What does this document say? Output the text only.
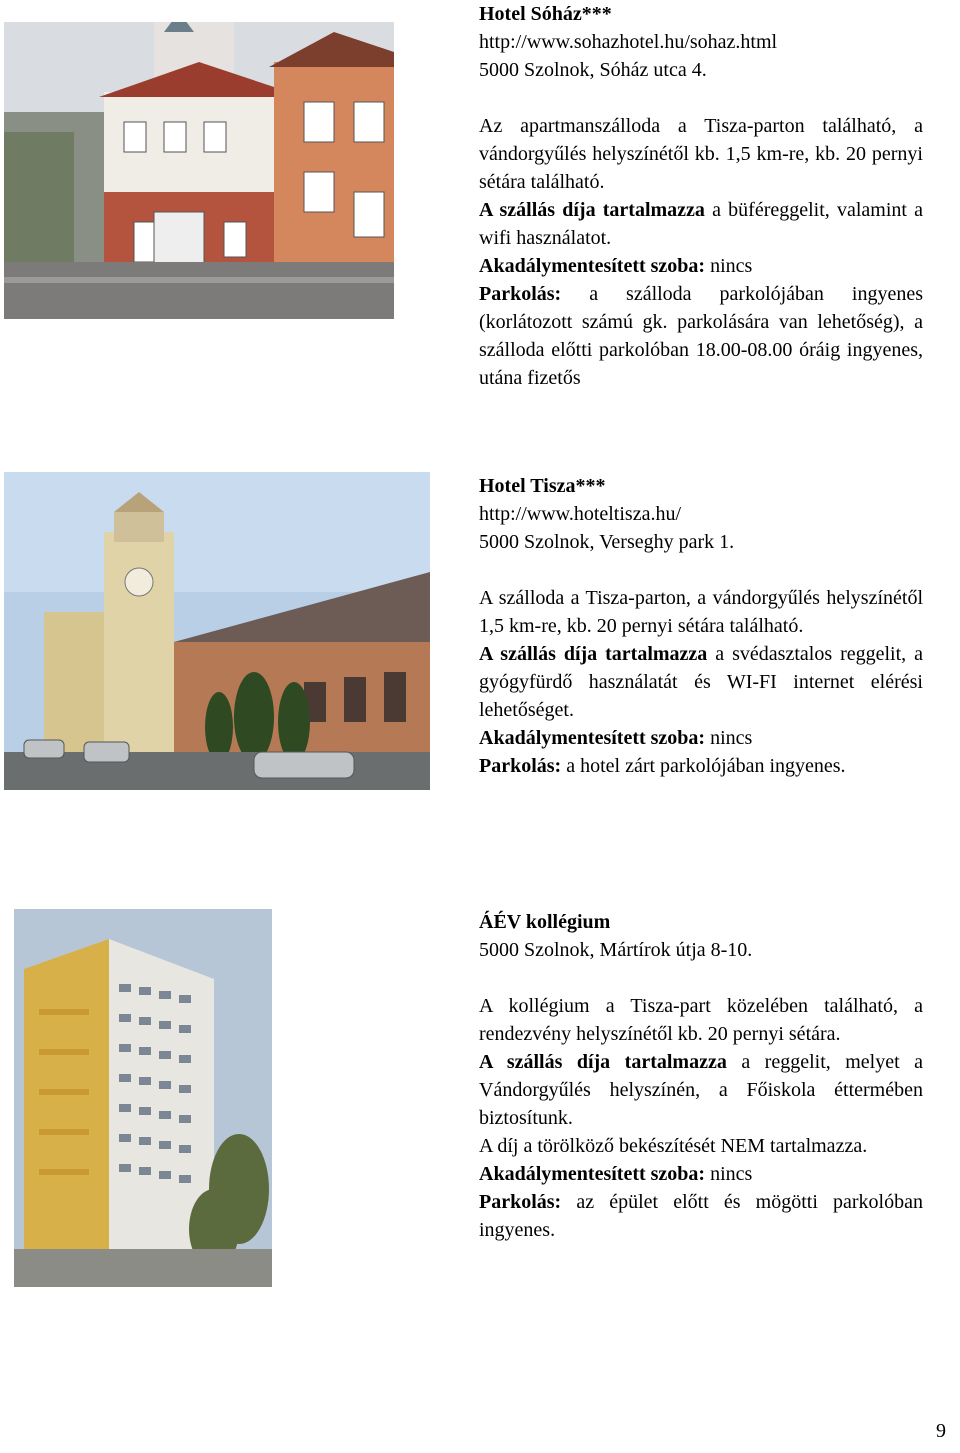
Hotel Sóház***

http://www.sohazhotel.hu/sohaz.html

5000 Szolnok, Sóház utca 4.

Az apartmanszálloda a Tisza-parton található, a vándorgyűlés helyszínétől kb. 1,5 km-re, kb. 20 pernyi sétára található.

A szállás díja tartalmazza a büféreggelit, valamint a wifi használatot.

Akadálymentesített szoba: nincs

Parkolás: a szálloda parkolójában ingyenes (korlátozott számú gk. parkolására van lehetőség), a szálloda előtti parkolóban 18.00-08.00 óráig ingyenes, utána fizetős

Hotel Tisza***

http://www.hoteltisza.hu/

5000 Szolnok, Verseghy park 1.

A szálloda a Tisza-parton, a vándorgyűlés helyszínétől 1,5 km-re, kb. 20 pernyi sétára található.

A szállás díja tartalmazza a svédasztalos reggelit, a gyógyfürdő használatát és WI-FI internet elérési lehetőséget.

Akadálymentesített szoba: nincs

Parkolás: a hotel zárt parkolójában ingyenes.

ÁÉV kollégium

5000 Szolnok, Mártírok útja 8-10.

A kollégium a Tisza-part közelében található, a rendezvény helyszínétől kb. 20 pernyi sétára.

A szállás díja tartalmazza a reggelit, melyet a Vándorgyűlés helyszínén, a Főiskola éttermében biztosítunk.

A díj a törölköző bekészítését NEM tartalmazza.

Akadálymentesített szoba: nincs

Parkolás: az épület előtt és mögötti parkolóban ingyenes.

9
